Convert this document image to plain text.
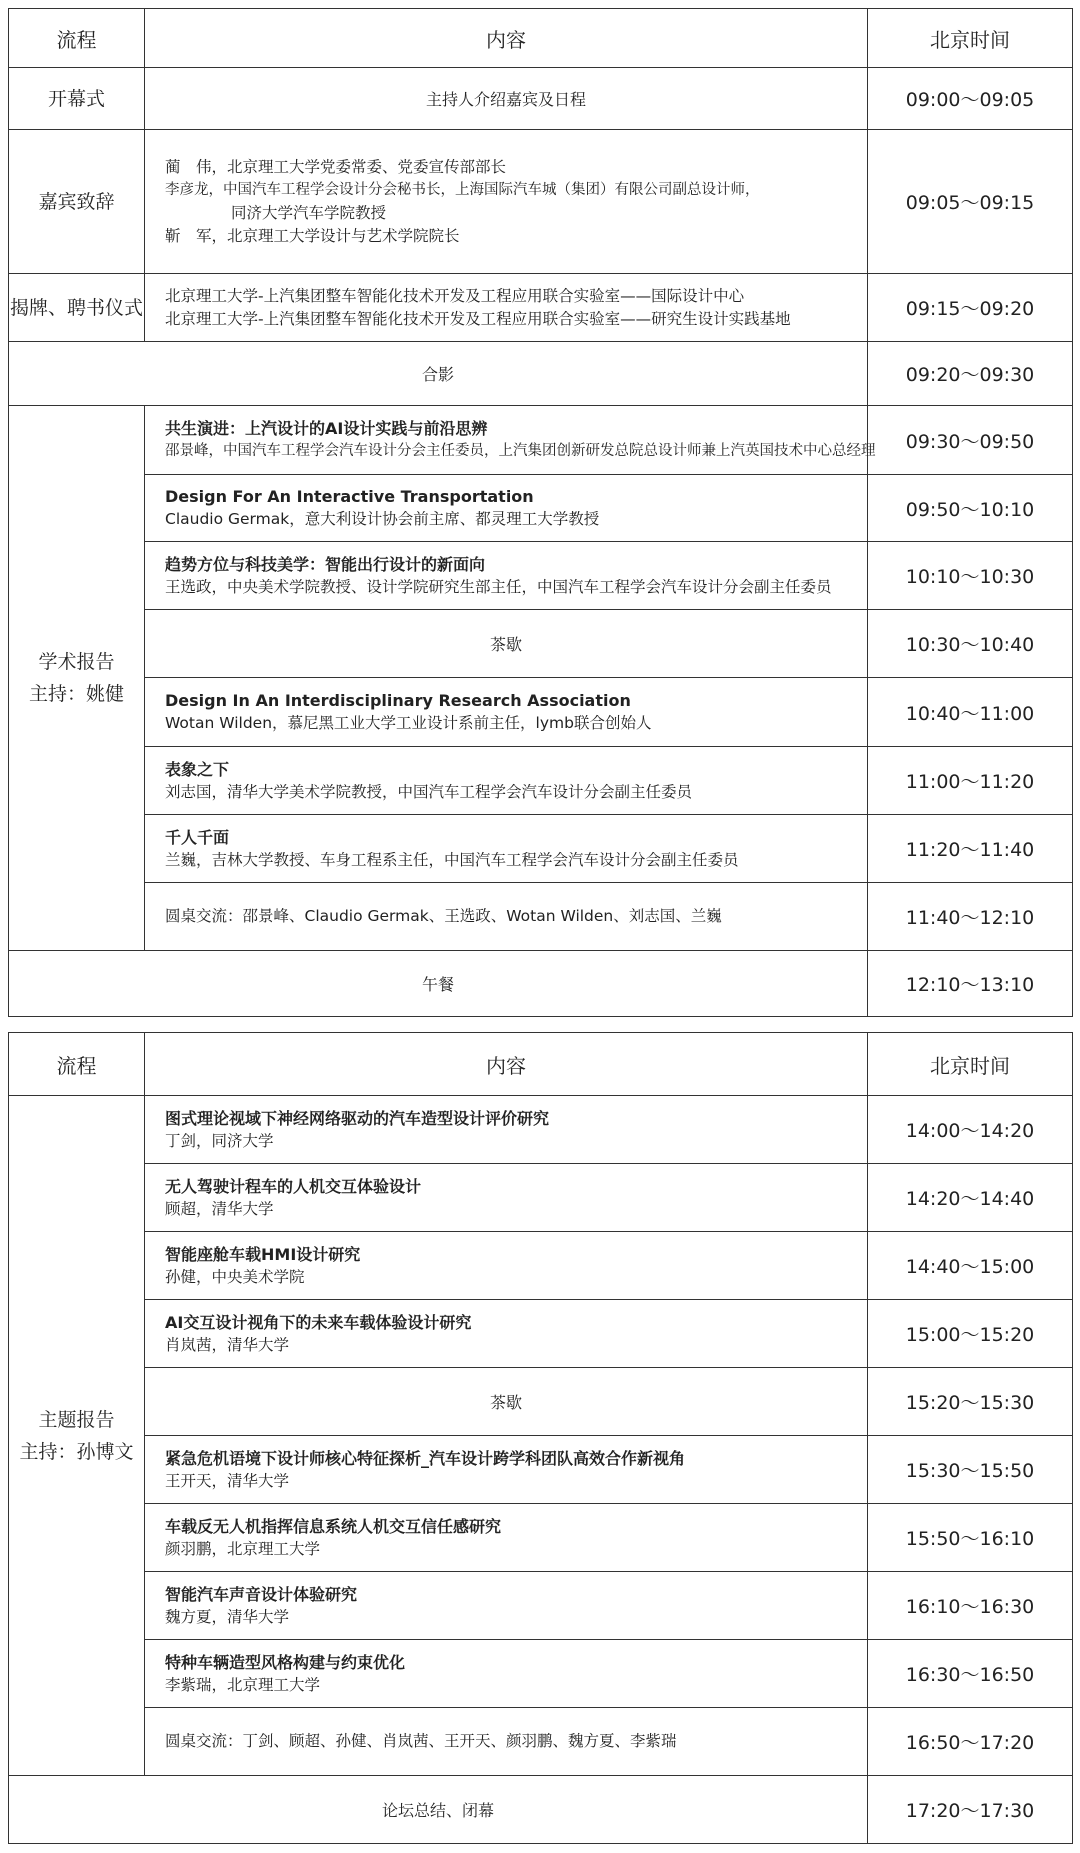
流程	内容	北京时间
开幕式	主持人介绍嘉宾及日程	09:00～09:05
嘉宾致辞	蔺　伟，北京理工大学党委常委、党委宣传部部长
李彦龙，中国汽车工程学会设计分会秘书长，上海国际汽车城（集团）有限公司副总设计师，
同济大学汽车学院教授
靳　军，北京理工大学设计与艺术学院院长	09:05～09:15
揭牌、聘书仪式	北京理工大学-上汽集团整车智能化技术开发及工程应用联合实验室——国际设计中心
北京理工大学-上汽集团整车智能化技术开发及工程应用联合实验室——研究生设计实践基地	09:15～09:20
合影		09:20～09:30

学术报告
主持：姚健	共生演进：上汽设计的AI设计实践与前沿思辨
邵景峰，中国汽车工程学会汽车设计分会主任委员，上汽集团创新研发总院总设计师兼上汽英国技术中心总经理	09:30～09:50

	Design For An Interactive Transportation
Claudio Germak，意大利设计协会前主席、都灵理工大学教授	09:50～10:10

	趋势方位与科技美学：智能出行设计的新面向
王选政，中央美术学院教授、设计学院研究生部主任，中国汽车工程学会汽车设计分会副主任委员	10:10～10:30
	茶歇	10:30～10:40

	Design In An Interdisciplinary Research Association
Wotan Wilden，慕尼黑工业大学工业设计系前主任，lymb联合创始人	10:40～11:00

	表象之下
刘志国，清华大学美术学院教授，中国汽车工程学会汽车设计分会副主任委员	11:00～11:20

	千人千面
兰巍，吉林大学教授、车身工程系主任，中国汽车工程学会汽车设计分会副主任委员	11:20～11:40
	圆桌交流：邵景峰、Claudio Germak、王选政、Wotan Wilden、刘志国、兰巍	11:40～12:10
午餐		12:10～13:10
流程	内容	北京时间

主题报告
主持：孙博文	图式理论视域下神经网络驱动的汽车造型设计评价研究
丁剑，同济大学	14:00～14:20

	无人驾驶计程车的人机交互体验设计
顾超，清华大学	14:20～14:40

	智能座舱车载HMI设计研究
孙健，中央美术学院	14:40～15:00

	AI交互设计视角下的未来车载体验设计研究
肖岚茜，清华大学	15:00～15:20
	茶歇	15:20～15:30

	紧急危机语境下设计师核心特征探析_汽车设计跨学科团队高效合作新视角
王开天，清华大学	15:30～15:50

	车载反无人机指挥信息系统人机交互信任感研究
颜羽鹏，北京理工大学	15:50～16:10

	智能汽车声音设计体验研究
魏方夏，清华大学	16:10～16:30

	特种车辆造型风格构建与约束优化
李紫瑞，北京理工大学	16:30～16:50
	圆桌交流：丁剑、顾超、孙健、肖岚茜、王开天、颜羽鹏、魏方夏、李紫瑞	16:50～17:20
论坛总结、闭幕		17:20～17:30
